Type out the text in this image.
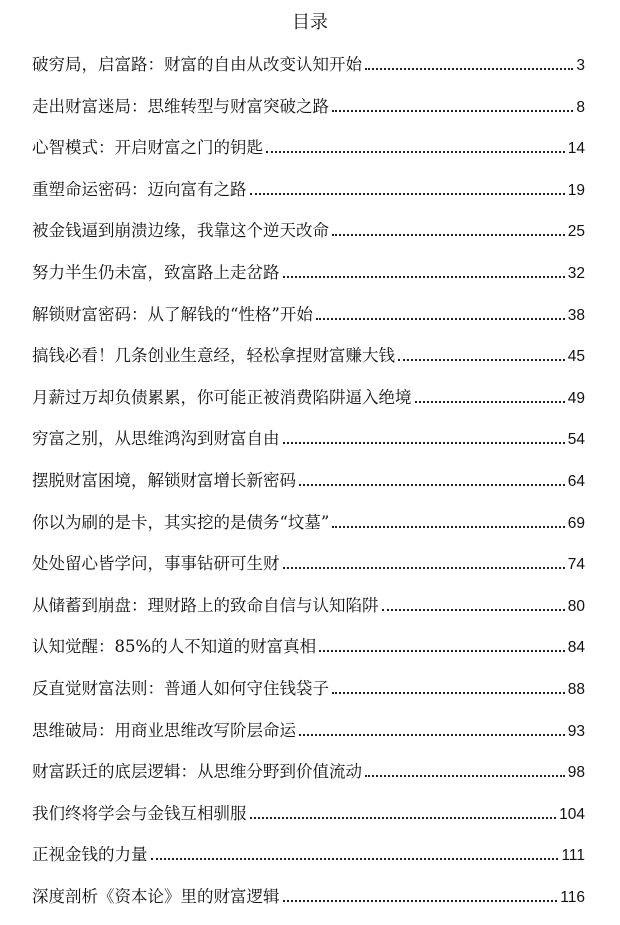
目录
破穷局，启富路：财富的自由从改变认知开始	3
走出财富迷局：思维转型与财富突破之路	8
心智模式：开启财富之门的钥匙	14
重塑命运密码：迈向富有之路	19
被金钱逼到崩溃边缘，我靠这个逆天改命	25
努力半生仍未富，致富路上走岔路	32
解锁财富密码：从了解钱的“性格”开始	38
搞钱必看！几条创业生意经，轻松拿捏财富赚大钱	45
月薪过万却负债累累，你可能正被消费陷阱逼入绝境	49
穷富之别，从思维鸿沟到财富自由	54
摆脱财富困境，解锁财富增长新密码	64
你以为刷的是卡，其实挖的是债务“坟墓”	69
处处留心皆学问，事事钻研可生财	74
从储蓄到崩盘：理财路上的致命自信与认知陷阱	80
认知觉醒：85%的人不知道的财富真相	84
反直觉财富法则：普通人如何守住钱袋子	88
思维破局：用商业思维改写阶层命运	93
财富跃迁的底层逻辑：从思维分野到价值流动	98
我们终将学会与金钱互相驯服	104
正视金钱的力量	111
深度剖析《资本论》里的财富逻辑	116
